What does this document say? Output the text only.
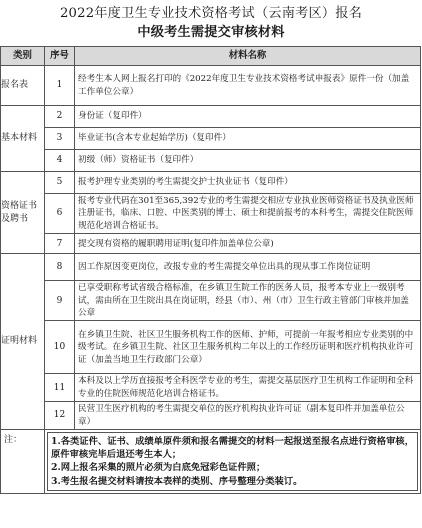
2022年度卫生专业技术资格考试（云南考区）报名
中级考生需提交审核材料
类别	序号	材料名称
报名表	1	经考生本人网上报名打印的《2022年度卫生专业技术资格考试申报表》原件一份（加盖工作单位公章）
基本材料	2	身份证（复印件）
	3	毕业证书(含本专业起始学历)（复印件）
	4	初级（师）资格证书（复印件）
资格证书及聘书	5	报考护理专业类别的考生需提交护士执业证书（复印件）
	6	报考专业代码在301至365,392专业的考生需提交相应专业执业医师资格证书及执业医师注册证书，临床、口腔、中医类别的博士、硕士和提前报考的本科考生，需提交住院医师规范化培训合格证书。
	7	提交现有资格的履职聘用证明(复印件加盖单位公章)
证明材料	8	因工作原因变更岗位，改报专业的考生需提交单位出具的现从事工作岗位证明
	9	已享受职称考试省级合格标准，在乡镇卫生院工作的医务人员，报考本专业上一级别考试，需由所在卫生院出具在岗证明，经县（市）、州（市）卫生行政主管部门审核并加盖公章
	10	在乡镇卫生院、社区卫生服务机构工作的医师、护师，可提前一年报考相应专业类别的中级考试。在乡镇卫生院、社区卫生服务机构二年以上的工作经历证明和医疗机构执业许可证（加盖当地卫生行政部门公章）
	11	本科及以上学历直接报考全科医学专业的考生，需提交基层医疗卫生机构工作证明和全科专业的住院医师规范化培训合格证书。
	12	民营卫生医疗机构的考生需提交单位的医疗机构执业许可证（副本复印件并加盖单位公章）
注：	1.各类证件、证书、成绩单原件须和报名需提交的材料一起报送至报名点进行资格审核，原件审核完毕后退还考生本人；
2.网上报名采集的照片必须为白底免冠彩色证件照；
3.考生报名提交材料请按本表样的类别、序号整理分类装订。	
